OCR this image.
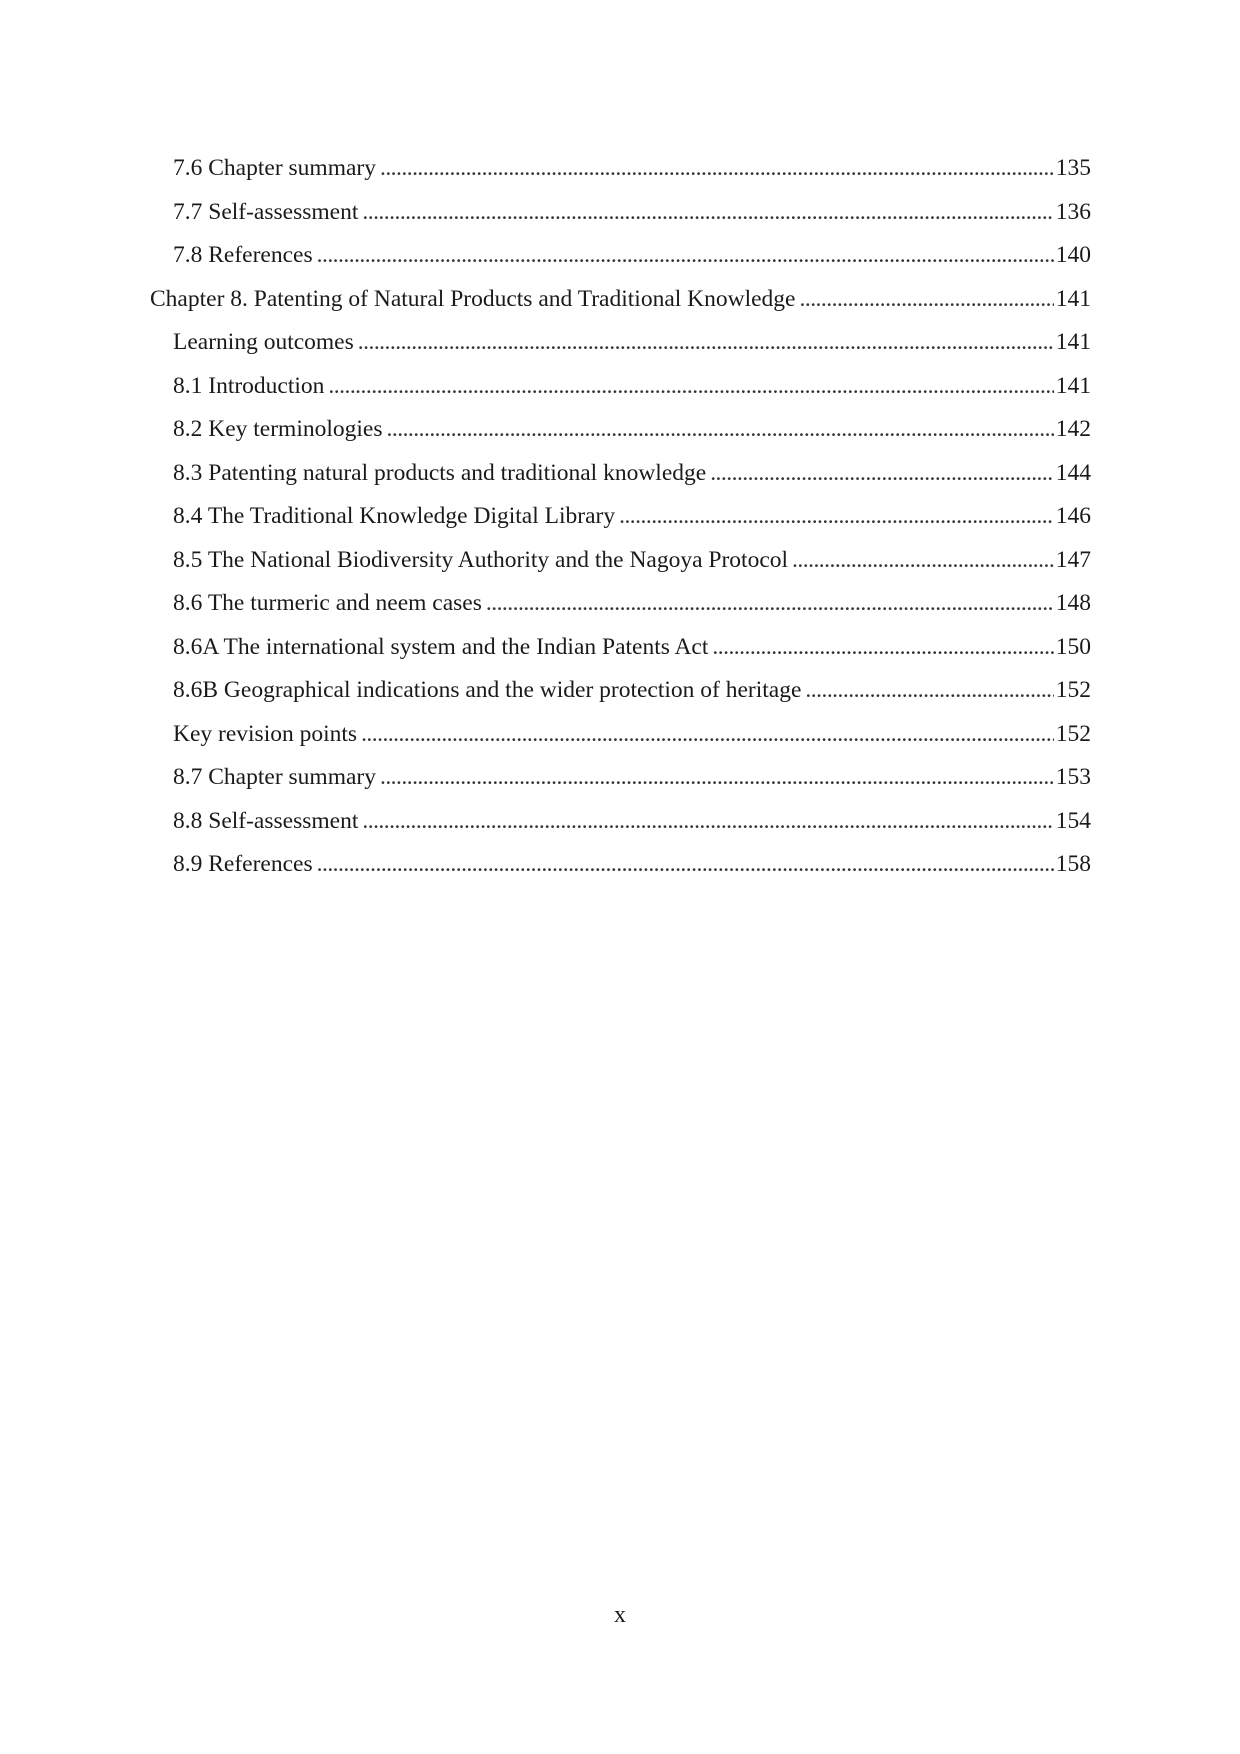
7.6 Chapter summary . . .	135
7.7 Self-assessment . . .	136
7.8 References . . .	140
Chapter 8. Patenting of Natural Products and Traditional Knowledge . . .	141
Learning outcomes . . .	141
8.1 Introduction . . .	141
8.2 Key terminologies . . .	142
8.3 Patenting natural products and traditional knowledge . . .	144
8.4 The Traditional Knowledge Digital Library . . .	146
8.5 The National Biodiversity Authority and the Nagoya Protocol . . .	147
8.6 The turmeric and neem cases . . .	148
8.6A The international system and the Indian Patents Act . . .	150
8.6B Geographical indications and the wider protection of heritage . . .	152
Key revision points . . .	152
8.7 Chapter summary . . .	153
8.8 Self-assessment . . .	154
8.9 References . . .	158
x
